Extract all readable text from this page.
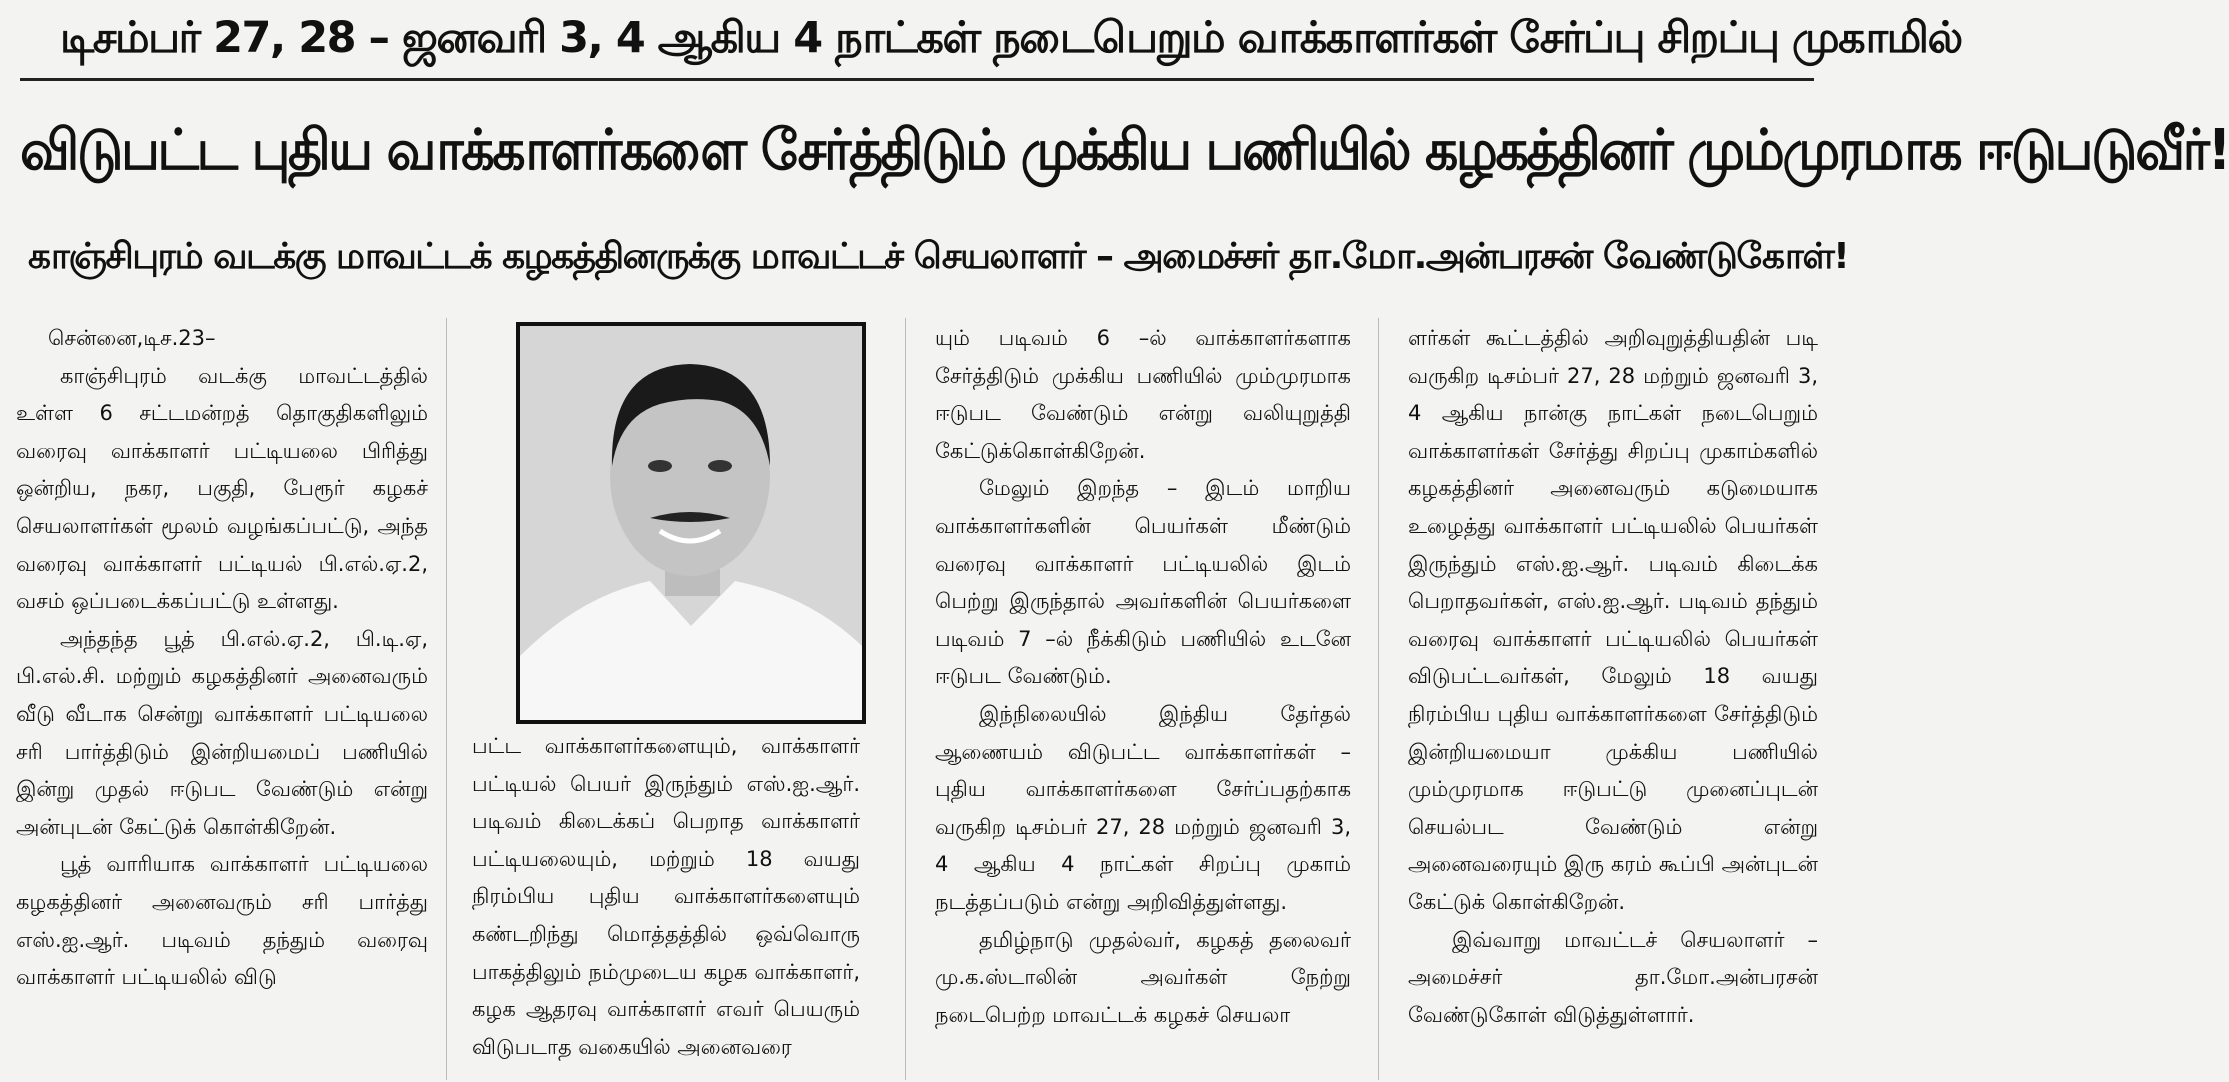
டிசம்பர் 27, 28 – ஜனவரி 3, 4 ஆகிய 4 நாட்கள் நடைபெறும் வாக்காளர்கள் சேர்ப்பு சிறப்பு முகாமில்
விடுபட்ட புதிய வாக்காளர்களை சேர்த்திடும் முக்கிய பணியில் கழகத்தினர் மும்முரமாக ஈடுபடுவீர்!
காஞ்சிபுரம் வடக்கு மாவட்டக் கழகத்தினருக்கு மாவட்டச் செயலாளர் – அமைச்சர் தா.மோ.அன்பரசன் வேண்டுகோள்!

சென்னை,டிச.23–

காஞ்சிபுரம் வடக்கு மாவட்டத்தில் உள்ள 6 சட்டமன்றத் தொகுதிகளிலும் வரைவு வாக்காளர் பட்டியலை பிரித்து ஒன்றிய, நகர, பகுதி, பேரூர் கழகச் செயலாளர்கள் மூலம் வழங்கப்பட்டு, அந்த வரைவு வாக்காளர் பட்டியல் பி.எல்.ஏ.2, வசம் ஒப்படைக்கப்பட்டு உள்ளது.

அந்தந்த பூத் பி.எல்.ஏ.2, பி.டி.ஏ, பி.எல்.சி. மற்றும் கழகத்தினர் அனைவரும் வீடு வீடாக சென்று வாக்காளர் பட்டியலை சரி பார்த்திடும் இன்றியமைப் பணியில் இன்று முதல் ஈடுபட வேண்டும் என்று அன்புடன் கேட்டுக் கொள்கிறேன்.

பூத் வாரியாக வாக்காளர் பட்டியலை கழகத்தினர் அனைவரும் சரி பார்த்து எஸ்.ஐ.ஆர். படிவம் தந்தும் வரைவு வாக்காளர் பட்டியலில் விடு

பட்ட வாக்காளர்களையும், வாக்காளர் பட்டியல் பெயர் இருந்தும் எஸ்.ஐ.ஆர். படிவம் கிடைக்கப் பெறாத வாக்காளர் பட்டியலையும், மற்றும் 18 வயது நிரம்பிய புதிய வாக்காளர்களையும் கண்டறிந்து மொத்தத்தில் ஒவ்வொரு பாகத்திலும் நம்முடைய கழக வாக்காளர், கழக ஆதரவு வாக்காளர் எவர் பெயரும் விடுபடாத வகையில் அனைவரை

யும் படிவம் 6 –ல் வாக்காளர்களாக சேர்த்திடும் முக்கிய பணியில் மும்முரமாக ஈடுபட வேண்டும் என்று வலியுறுத்தி கேட்டுக்கொள்கிறேன்.

மேலும் இறந்த – இடம் மாறிய வாக்காளர்களின் பெயர்கள் மீண்டும் வரைவு வாக்காளர் பட்டியலில் இடம் பெற்று இருந்தால் அவர்களின் பெயர்களை படிவம் 7 –ல் நீக்கிடும் பணியில் உடனே ஈடுபட வேண்டும்.

இந்நிலையில் இந்திய தேர்தல் ஆணையம் விடுபட்ட வாக்காளர்கள் – புதிய வாக்காளர்களை சேர்ப்பதற்காக வருகிற டிசம்பர் 27, 28 மற்றும் ஜனவரி 3, 4 ஆகிய 4 நாட்கள் சிறப்பு முகாம் நடத்தப்படும் என்று அறிவித்துள்ளது.

தமிழ்நாடு முதல்வர், கழகத் தலைவர் மு.க.ஸ்டாலின் அவர்கள் நேற்று நடைபெற்ற மாவட்டக் கழகச் செயலா

ளர்கள் கூட்டத்தில் அறிவுறுத்தியதின் படி வருகிற டிசம்பர் 27, 28 மற்றும் ஜனவரி 3, 4 ஆகிய நான்கு நாட்கள் நடைபெறும் வாக்காளர்கள் சேர்த்து சிறப்பு முகாம்களில் கழகத்தினர் அனைவரும் கடுமையாக உழைத்து வாக்காளர் பட்டியலில் பெயர்கள் இருந்தும் எஸ்.ஐ.ஆர். படிவம் கிடைக்க பெறாதவர்கள், எஸ்.ஐ.ஆர். படிவம் தந்தும் வரைவு வாக்காளர் பட்டியலில் பெயர்கள் விடுபட்டவர்கள், மேலும் 18 வயது நிரம்பிய புதிய வாக்காளர்களை சேர்த்திடும் இன்றியமையா முக்கிய பணியில் மும்முரமாக ஈடுபட்டு முனைப்புடன் செயல்பட வேண்டும் என்று அனைவரையும் இரு கரம் கூப்பி அன்புடன் கேட்டுக் கொள்கிறேன்.

இவ்வாறு மாவட்டச் செயலாளர் – அமைச்சர் தா.மோ.அன்பரசன் வேண்டுகோள் விடுத்துள்ளார்.
